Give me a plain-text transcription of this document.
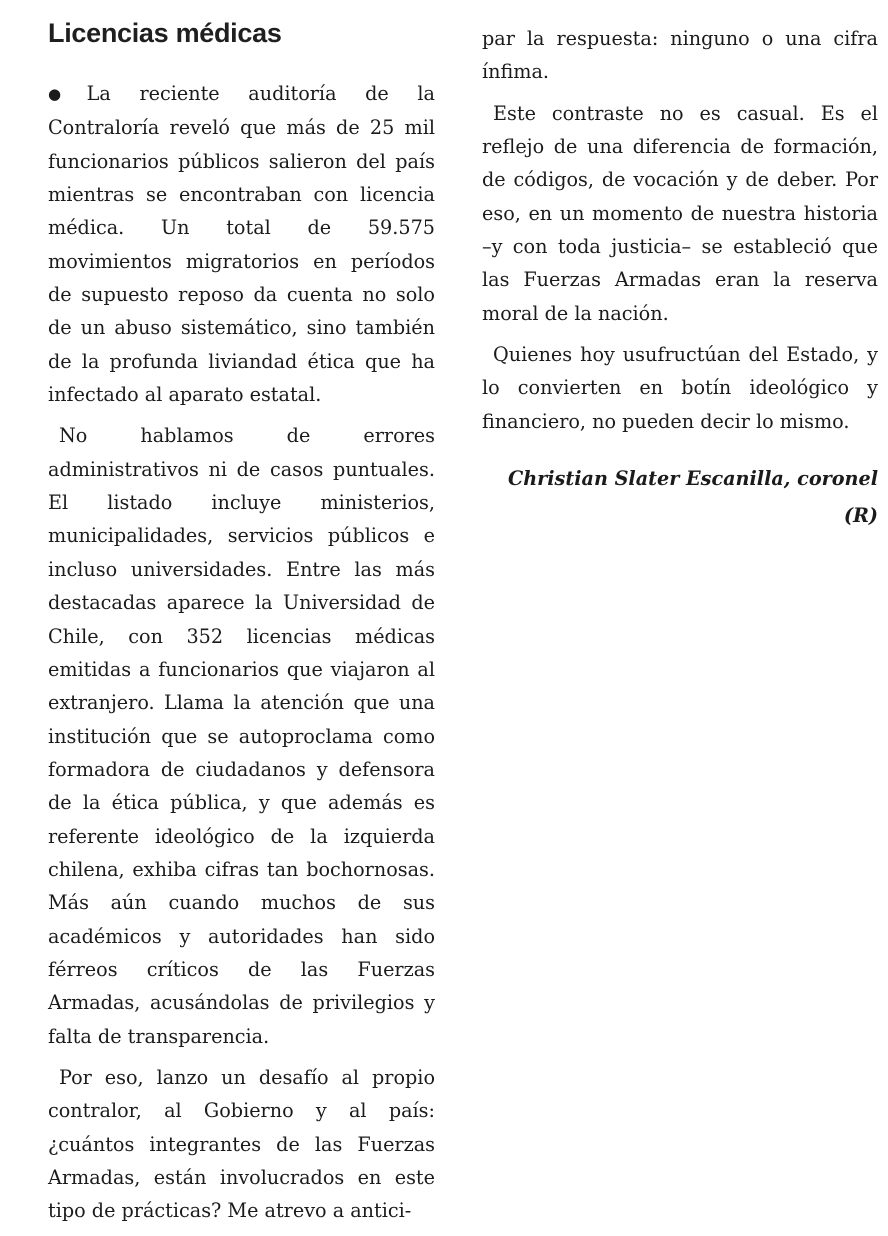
Licencias médicas

● La reciente auditoría de la Contraloría reveló que más de 25 mil funcionarios públicos salieron del país mientras se encontraban con licencia médica. Un total de 59.575 movimientos migratorios en períodos de supuesto reposo da cuenta no solo de un abuso sistemático, sino también de la profunda liviandad ética que ha infectado al aparato estatal.

No hablamos de errores administrativos ni de casos puntuales. El listado incluye ministerios, municipalidades, servicios públicos e incluso universidades. Entre las más destacadas aparece la Universidad de Chile, con 352 licencias médicas emitidas a funcionarios que viajaron al extranjero. Llama la atención que una institución que se autoproclama como formadora de ciudadanos y defensora de la ética pública, y que además es referente ideológico de la izquierda chilena, exhiba cifras tan bochornosas. Más aún cuando muchos de sus académicos y autoridades han sido férreos críticos de las Fuerzas Armadas, acusándolas de privilegios y falta de transparencia.

Por eso, lanzo un desafío al propio contralor, al Gobierno y al país: ¿cuántos integrantes de las Fuerzas Armadas, están involucrados en este tipo de prácticas? Me atrevo a antici-

par la respuesta: ninguno o una cifra ínfima.

Este contraste no es casual. Es el reflejo de una diferencia de formación, de códigos, de vocación y de deber. Por eso, en un momento de nuestra historia –y con toda justicia– se estableció que las Fuerzas Armadas eran la reserva moral de la nación.

Quienes hoy usufructúan del Estado, y lo convierten en botín ideológico y financiero, no pueden decir lo mismo.

Christian Slater Escanilla, coronel (R)
